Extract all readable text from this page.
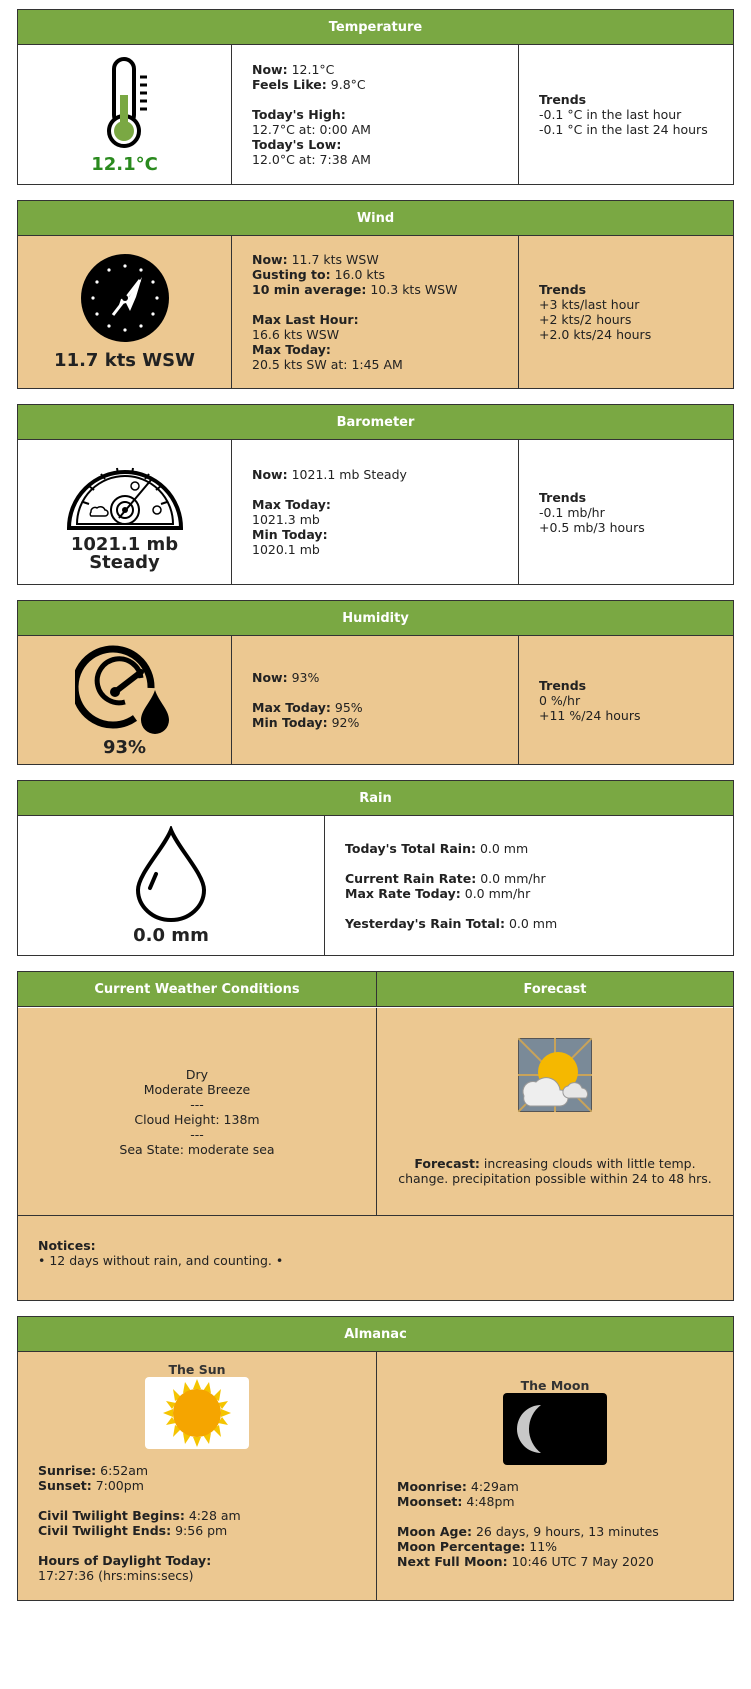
Temperature
12.1°C
Now: 12.1°C
Feels Like: 9.8°C
Today's High:
12.7°C at: 0:00 AM
Today's Low:
12.0°C at: 7:38 AM
Trends
-0.1 °C in the last hour
-0.1 °C in the last 24 hours
Wind
11.7 kts WSW
Now: 11.7 kts WSW
Gusting to: 16.0 kts
10 min average: 10.3 kts WSW
Max Last Hour:
16.6 kts WSW
Max Today:
20.5 kts SW at: 1:45 AM
Trends
+3 kts/last hour
+2 kts/2 hours
+2.0 kts/24 hours
Barometer
1021.1 mb
Steady
Now: 1021.1 mb Steady
Max Today:
1021.3 mb
Min Today:
1020.1 mb
Trends
-0.1 mb/hr
+0.5 mb/3 hours
Humidity
93%
Now: 93%
Max Today: 95%
Min Today: 92%
Trends
0 %/hr
+11 %/24 hours
Rain
0.0 mm
Today's Total Rain: 0.0 mm
Current Rain Rate: 0.0 mm/hr
Max Rate Today: 0.0 mm/hr
Yesterday's Rain Total: 0.0 mm
Current Weather Conditions	Forecast
Dry
Moderate Breeze
---
Cloud Height: 138m
---
Sea State: moderate sea
Forecast: increasing clouds with little temp. change. precipitation possible within 24 to 48 hrs.
Notices:
• 12 days without rain, and counting. •
Almanac
The Sun
Sunrise: 6:52am
Sunset: 7:00pm
Civil Twilight Begins: 4:28 am
Civil Twilight Ends: 9:56 pm
Hours of Daylight Today:
17:27:36 (hrs:mins:secs)
The Moon
Moonrise: 4:29am
Moonset: 4:48pm
Moon Age: 26 days, 9 hours, 13 minutes
Moon Percentage: 11%
Next Full Moon: 10:46 UTC 7 May 2020
